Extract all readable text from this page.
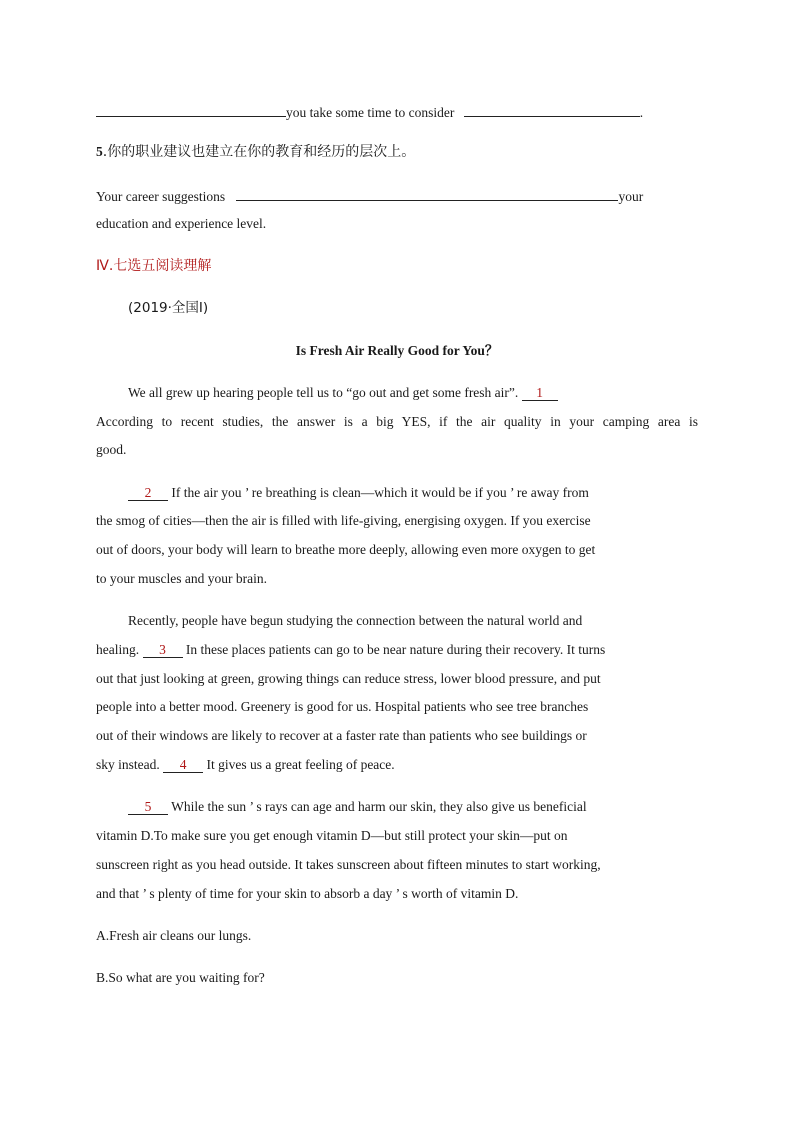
you take some time to consider	.
5.你的职业建议也建立在你的教育和经历的层次上。
Your career suggestions	your
education and experience level.
Ⅳ.七选五阅读理解
(2019·全国Ⅰ)
Is Fresh Air Really Good for You？
We all grew up hearing people tell us to “go out and get some fresh air”. 1
According to recent studies, the answer is a big YES, if the air quality in your camping area is
good.
2 If the air you ’ re breathing is clean—which it would be if you ’ re away from
the smog of cities—then the air is filled with life-giving, energising oxygen. If you exercise
out of doors, your body will learn to breathe more deeply, allowing even more oxygen to get
to your muscles and your brain.
Recently, people have begun studying the connection between the natural world and
healing. 3 In these places patients can go to be near nature during their recovery. It turns
out that just looking at green, growing things can reduce stress, lower blood pressure, and put
people into a better mood. Greenery is good for us. Hospital patients who see tree branches
out of their windows are likely to recover at a faster rate than patients who see buildings or
sky instead. 4 It gives us a great feeling of peace.
5 While the sun ’ s rays can age and harm our skin, they also give us beneficial
vitamin D.To make sure you get enough vitamin D—but still protect your skin—put on
sunscreen right as you head outside. It takes sunscreen about fifteen minutes to start working,
and that ’ s plenty of time for your skin to absorb a day ’ s worth of vitamin D.
A.Fresh air cleans our lungs.
B.So what are you waiting for?
